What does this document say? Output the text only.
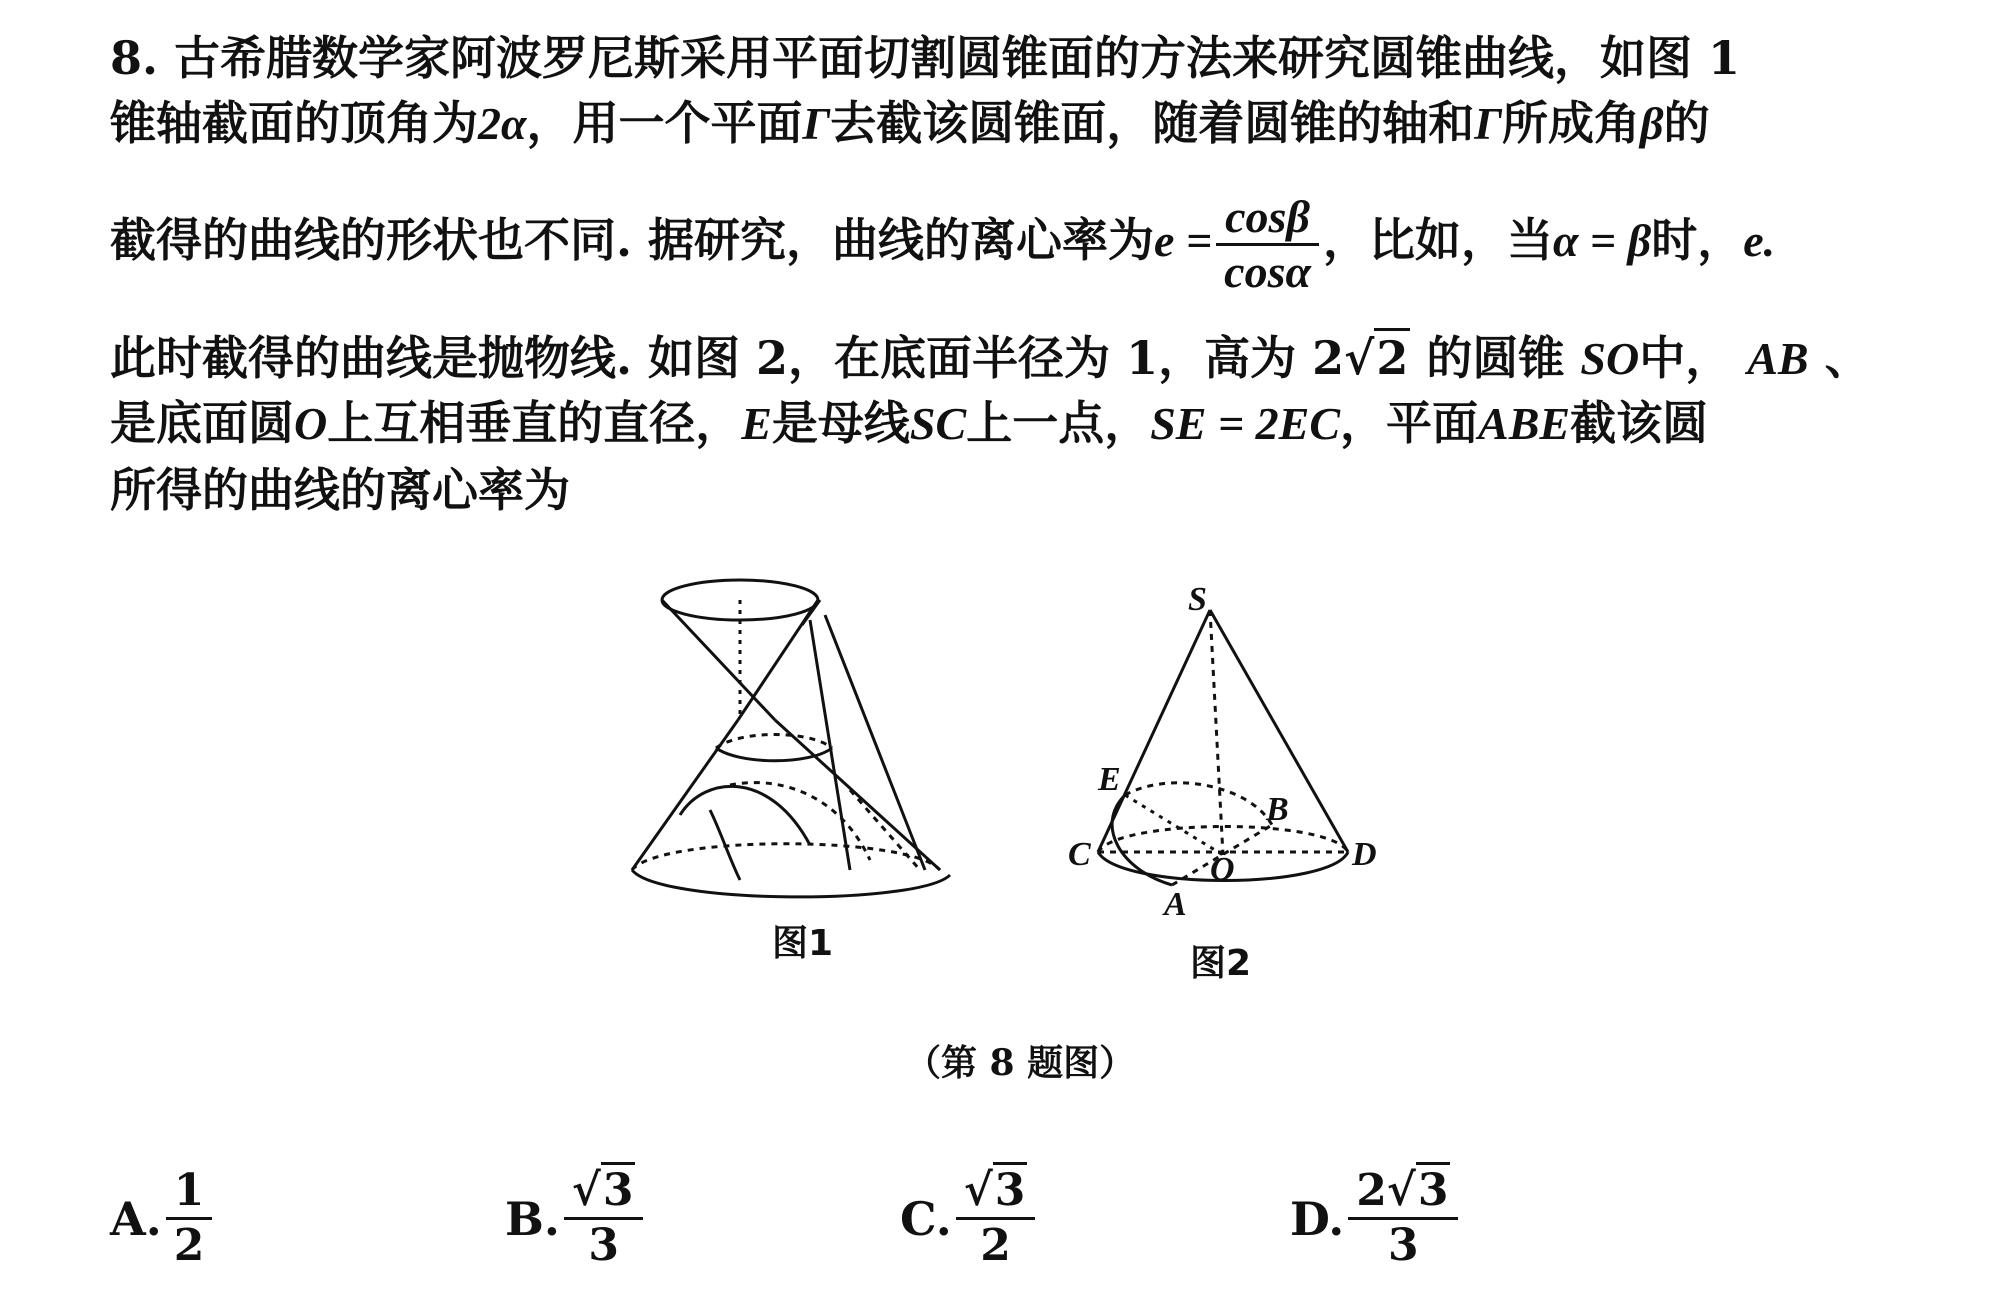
8. 古希腊数学家阿波罗尼斯采用平面切割圆锥面的方法来研究圆锥曲线，如图 1
锥轴截面的顶角为2α，用一个平面Γ去截该圆锥面，随着圆锥的轴和Γ所成角β的
截得的曲线的形状也不同. 据研究，曲线的离心率为$e = \frac{\cos\beta}{\cos\alpha}$ ，比如，当α = β时，e.
此时截得的曲线是抛物线. 如图 2，在底面半径为 1，高为 2√2 的圆锥 SO中， AB 、
是底面圆O上互相垂直的直径，E是母线SC上一点，SE = 2EC，平面ABE截该圆
所得的曲线的离心率为
图1
S
E
B
C	O	D
A
图2
（第 8 题图）
A. $\frac{1}{2}$	B. $\frac{√3}{3}$	C. $\frac{√3}{2}$	D. $\frac{2√3}{3}$
